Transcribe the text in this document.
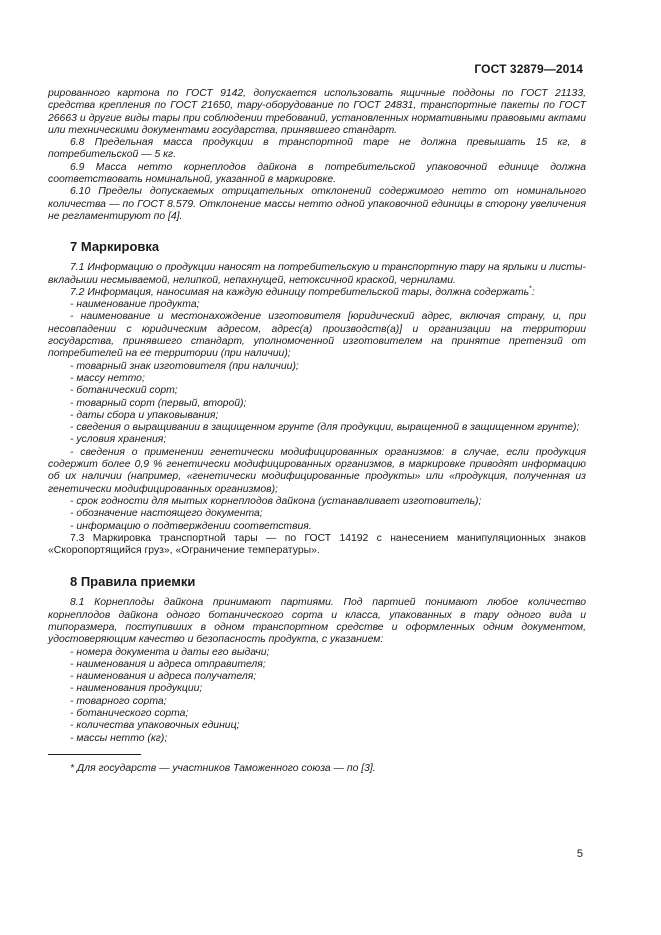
ГОСТ 32879—2014

рированного картона по ГОСТ 9142, допускается использовать ящичные поддоны по ГОСТ 21133, средства крепления по ГОСТ 21650, тару-оборудование по ГОСТ 24831, транспортные пакеты по ГОСТ 26663 и другие виды тары при соблюдении требований, установленных нормативными правовыми актами или техническими документами государства, принявшего стандарт.

6.8 Предельная масса продукции в транспортной таре не должна превышать 15 кг, в потребительской — 5 кг.

6.9 Масса нетто корнеплодов дайкона в потребительской упаковочной единице должна соответствовать номинальной, указанной в маркировке.

6.10 Пределы допускаемых отрицательных отклонений содержимого нетто от номинального количества — по ГОСТ 8.579. Отклонение массы нетто одной упаковочной единицы в сторону увеличения не регламентируют по [4].

7 Маркировка

7.1 Информацию о продукции наносят на потребительскую и транспортную тару на ярлыки и листы-вкладыши несмываемой, нелипкой, непахнущей, нетоксичной краской, чернилами.

7.2 Информация, наносимая на каждую единицу потребительской тары, должна содержать*:

- наименование продукта;

- наименование и местонахождение изготовителя [юридический адрес, включая страну, и, при несовпадении с юридическим адресом, адрес(а) производств(а)] и организации на территории государства, принявшего стандарт, уполномоченной изготовителем на принятие претензий от потребителей на ее территории (при наличии);

- товарный знак изготовителя (при наличии);

- массу нетто;

- ботанический сорт;

- товарный сорт (первый, второй);

- даты сбора и упаковывания;

- сведения о выращивании в защищенном грунте (для продукции, выращенной в защищенном грунте);

- условия хранения;

- сведения о применении генетически модифицированных организмов: в случае, если продукция содержит более 0,9 % генетически модифицированных организмов, в маркировке приводят информацию об их наличии (например, «генетически модифицированные продукты» или «продукция, полученная из генетически модифицированных организмов);

- срок годности для мытых корнеплодов дайкона (устанавливает изготовитель);

- обозначение настоящего документа;

- информацию о подтверждении соответствия.

7.3 Маркировка транспортной тары — по ГОСТ 14192 с нанесением манипуляционных знаков «Скоропортящийся груз», «Ограничение температуры».

8 Правила приемки

8.1 Корнеплоды дайкона принимают партиями. Под партией понимают любое количество корнеплодов дайкона одного ботанического сорта и класса, упакованных в тару одного вида и типоразмера, поступивших в одном транспортном средстве и оформленных одним документом, удостоверяющим качество и безопасность продукта, с указанием:

- номера документа и даты его выдачи;

- наименования и адреса отправителя;

- наименования и адреса получателя;

- наименования продукции;

- товарного сорта;

- ботанического сорта;

- количества упаковочных единиц;

- массы нетто (кг);

* Для государств — участников Таможенного союза — по [3].

5
